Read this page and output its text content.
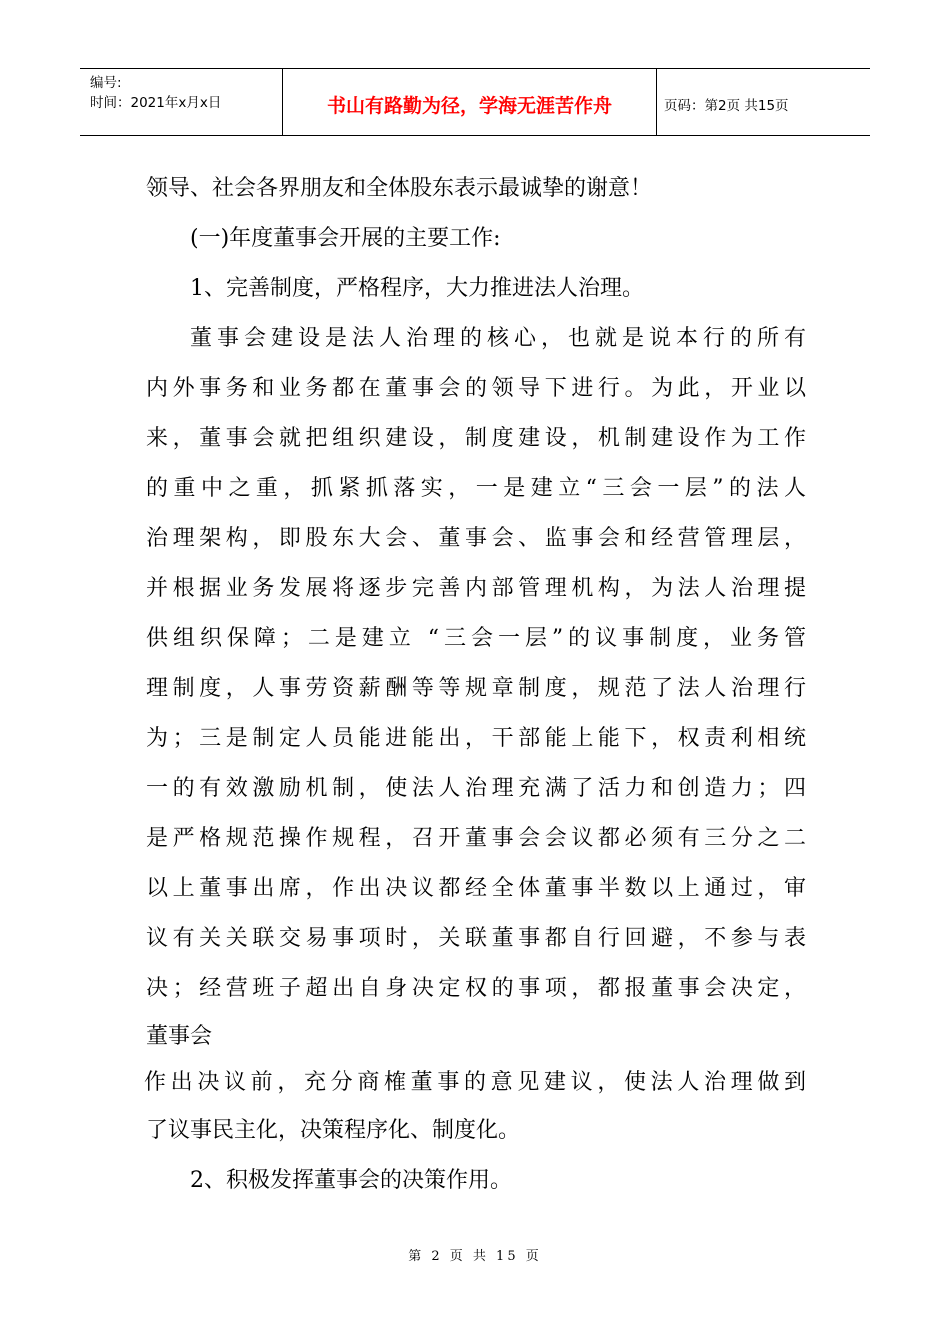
编号:
时间：2021年x月x日	书山有路勤为径，学海无涯苦作舟	页码：第2页 共15页
领导、社会各界朋友和全体股东表示最诚挚的谢意！
(一)年度董事会开展的主要工作:
1、完善制度，严格程序，大力推进法人治理。
董事会建设是法人治理的核心，也就是说本行的所有
内外事务和业务都在董事会的领导下进行。为此，开业以
来，董事会就把组织建设，制度建设，机制建设作为工作
的重中之重，抓紧抓落实，一是建立“三会一层”的法人
治理架构，即股东大会、董事会、监事会和经营管理层，
并根据业务发展将逐步完善内部管理机构，为法人治理提
供组织保障；二是建立 “三会一层”的议事制度，业务管
理制度，人事劳资薪酬等等规章制度，规范了法人治理行
为；三是制定人员能进能出，干部能上能下，权责利相统
一的有效激励机制，使法人治理充满了活力和创造力；四
是严格规范操作规程，召开董事会会议都必须有三分之二
以上董事出席，作出决议都经全体董事半数以上通过，审
议有关关联交易事项时，关联董事都自行回避，不参与表
决；经营班子超出自身决定权的事项，都报董事会决定，
董事会
作出决议前，充分商榷董事的意见建议，使法人治理做到
了议事民主化，决策程序化、制度化。
2、积极发挥董事会的决策作用。
第 2 页 共 15 页
